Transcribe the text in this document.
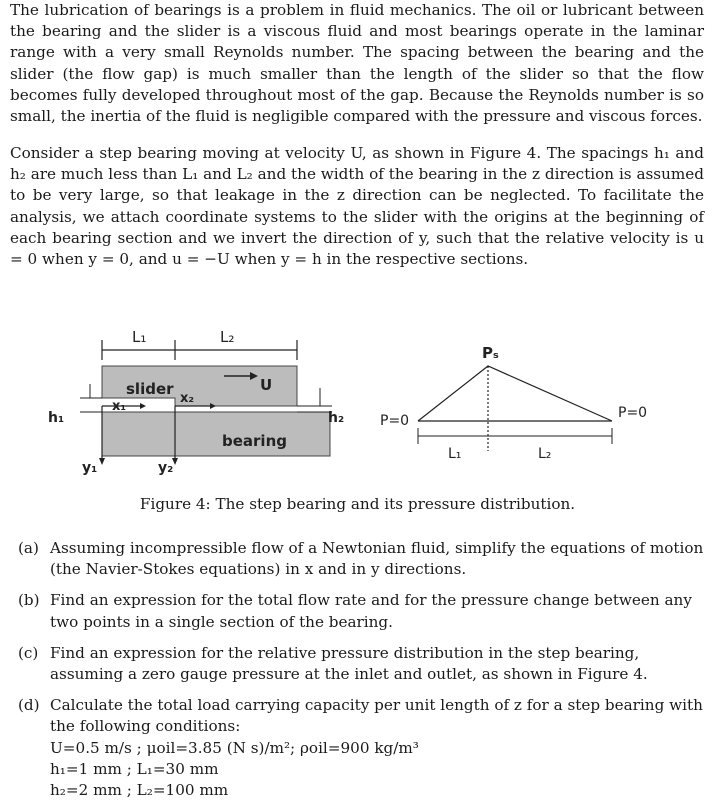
The lubrication of bearings is a problem in fluid mechanics. The oil or lubricant between the bearing and the slider is a viscous fluid and most bearings operate in the laminar range with a very small Reynolds number. The spacing between the bearing and the slider (the flow gap) is much smaller than the length of the slider so that the flow becomes fully developed throughout most of the gap. Because the Reynolds number is so small, the inertia of the fluid is negligible compared with the pressure and viscous forces.

Consider a step bearing moving at velocity U, as shown in Figure 4. The spacings h₁ and h₂ are much less than L₁ and L₂ and the width of the bearing in the z direction is assumed to be very large, so that leakage in the z direction can be neglected. To facilitate the analysis, we attach coordinate systems to the slider with the origins at the beginning of each bearing section and we invert the direction of y, such that the relative velocity is u = 0 when y = 0, and u = −U when y = h in the respective sections.

L₁	L₂
slider
bearing
U
x₁
y₁
x₂
y₂
h₁	h₂
Pₛ
P=0	P=0
L₁	L₂
Figure 4: The step bearing and its pressure distribution.
(a) Assuming incompressible flow of a Newtonian fluid, simplify the equations of motion (the Navier-Stokes equations) in x and in y directions.
(b) Find an expression for the total flow rate and for the pressure change between any two points in a single section of the bearing.
(c) Find an expression for the relative pressure distribution in the step bearing, assuming a zero gauge pressure at the inlet and outlet, as shown in Figure 4.
(d) Calculate the total load carrying capacity per unit length of z for a step bearing with the following conditions:
U=0.5 m/s ; μoil=3.85 (N s)/m²; ρoil=900 kg/m³
h₁=1 mm ; L₁=30 mm
h₂=2 mm ; L₂=100 mm
